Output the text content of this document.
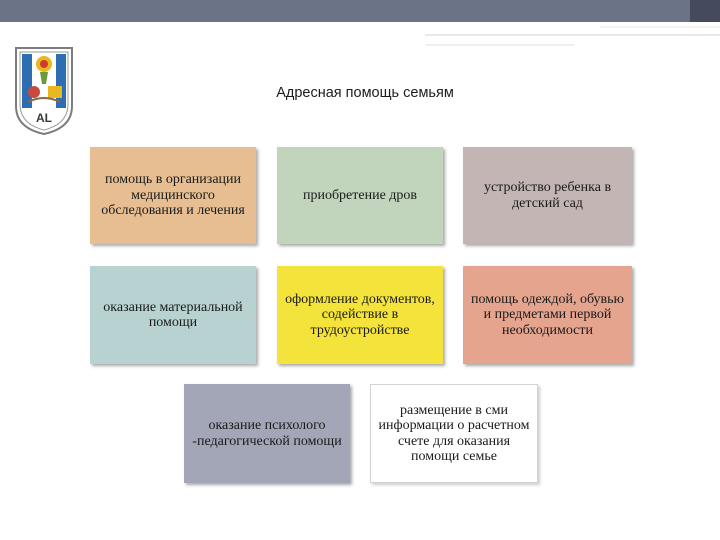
AL
Адресная помощь семьям
помощь в организации медицинского обследования и лечения
приобретение дров
устройство ребенка в детский сад
оказание материальной помощи
оформление документов, содействие в трудоустройстве
помощь одеждой, обувью и предметами первой необходимости
оказание психолого -педагогической помощи
размещение в сми информации о расчетном счете для оказания помощи семье
